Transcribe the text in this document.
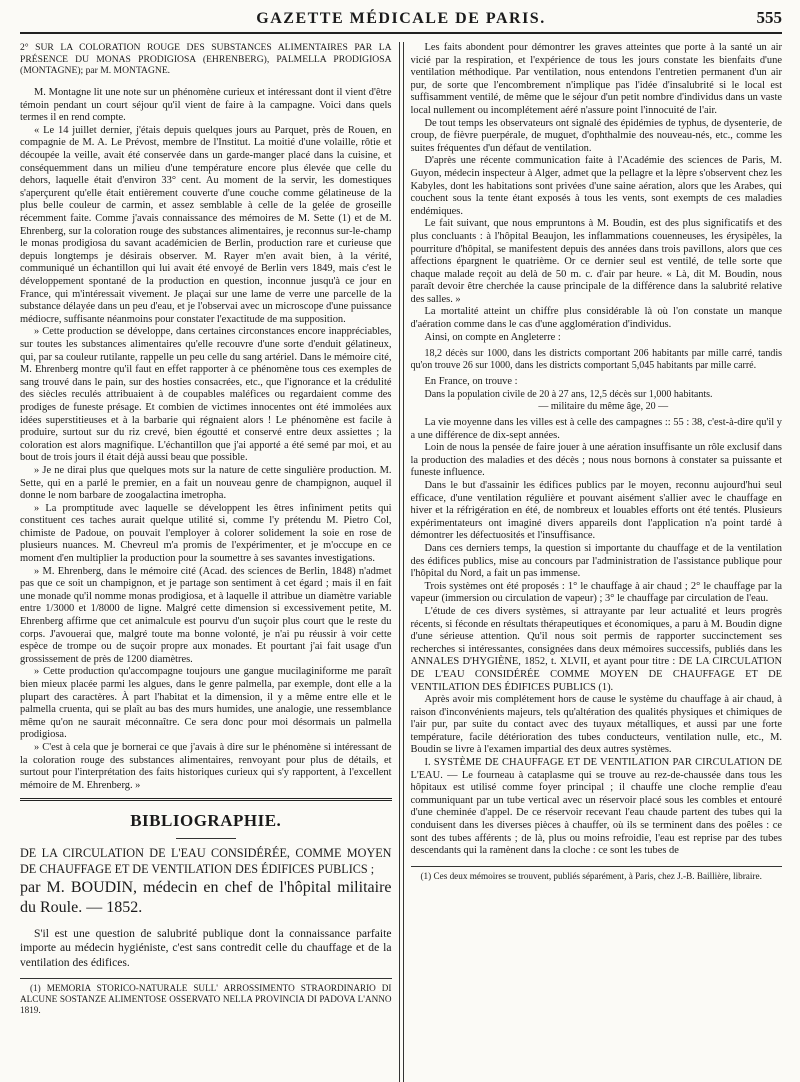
GAZETTE MÉDICALE DE PARIS.	555

2° SUR LA COLORATION ROUGE DES SUBSTANCES ALIMENTAIRES PAR LA PRÉSENCE DU MONAS PRODIGIOSA (EHRENBERG), PALMELLA PRODIGIOSA (MONTAGNE); par M. MONTAGNE.

M. Montagne lit une note sur un phénomène curieux et intéressant dont il vient d'être témoin pendant un court séjour qu'il vient de faire à la campagne. Voici dans quels termes il en rend compte.

« Le 14 juillet dernier, j'étais depuis quelques jours au Parquet, près de Rouen, en compagnie de M. A. Le Prévost, membre de l'Institut. La moitié d'une volaille, rôtie et découpée la veille, avait été conservée dans un garde-manger placé dans la cuisine, et conséquemment dans un milieu d'une température encore plus élevée que celle du dehors, laquelle était d'environ 33° cent. Au moment de la servir, les domestiques s'aperçurent qu'elle était entièrement couverte d'une couche comme gélatineuse de la plus belle couleur de carmin, et assez semblable à celle de la gelée de groseille récemment faite. Comme j'avais connaissance des mémoires de M. Sette (1) et de M. Ehrenberg, sur la coloration rouge des substances alimentaires, je reconnus sur-le-champ le monas prodigiosa du savant académicien de Berlin, production rare et curieuse que depuis longtemps je désirais observer. M. Rayer m'en avait bien, à la vérité, communiqué un échantillon qui lui avait été envoyé de Berlin vers 1849, mais c'est le développement spontané de la production en question, inconnue jusqu'à ce jour en France, qui m'intéressait vivement. Je plaçai sur une lame de verre une parcelle de la substance délayée dans un peu d'eau, et je l'observai avec un microscope d'une puissance médiocre, suffisante néanmoins pour constater l'exactitude de ma supposition.

» Cette production se développe, dans certaines circonstances encore inappréciables, sur toutes les substances alimentaires qu'elle recouvre d'une sorte d'enduit gélatineux, qui, par sa couleur rutilante, rappelle un peu celle du sang artériel. Dans le mémoire cité, M. Ehrenberg montre qu'il faut en effet rapporter à ce phénomène tous ces exemples de sang trouvé dans le pain, sur des hosties consacrées, etc., que l'ignorance et la crédulité des siècles reculés attribuaient à de coupables maléfices ou regardaient comme des prodiges de funeste présage. Et combien de victimes innocentes ont été immolées aux idées superstitieuses et à la barbarie qui régnaient alors ! Le phénomène est facile à produire, surtout sur du riz crevé, bien égoutté et conservé entre deux assiettes ; la coloration est alors magnifique. L'échantillon que j'ai apporté a été semé par moi, et au bout de trois jours il était déjà aussi beau que possible.

» Je ne dirai plus que quelques mots sur la nature de cette singulière production. M. Sette, qui en a parlé le premier, en a fait un nouveau genre de champignon, auquel il donne le nom barbare de zoogalactina imetropha.

» La promptitude avec laquelle se développent les êtres infiniment petits qui constituent ces taches aurait quelque utilité si, comme l'y prétendu M. Pietro Col, chimiste de Padoue, on pouvait l'employer à colorer solidement la soie en rose de plusieurs nuances. M. Chevreul m'a promis de l'expérimenter, et je m'occupe en ce moment d'en multiplier la production pour la soumettre à ses savantes investigations.

» M. Ehrenberg, dans le mémoire cité (Acad. des sciences de Berlin, 1848) n'admet pas que ce soit un champignon, et je partage son sentiment à cet égard ; mais il en fait une monade qu'il nomme monas prodigiosa, et à laquelle il attribue un diamètre variable entre 1/3000 et 1/8000 de ligne. Malgré cette dimension si excessivement petite, M. Ehrenberg affirme que cet animalcule est pourvu d'un suçoir plus court que le reste du corps. J'avouerai que, malgré toute ma bonne volonté, je n'ai pu réussir à voir cette espèce de trompe ou de suçoir propre aux monades. Et pourtant j'ai fait usage d'un grossissement de près de 1200 diamètres.

» Cette production qu'accompagne toujours une gangue mucilaginiforme me paraît bien mieux placée parmi les algues, dans le genre palmella, par exemple, dont elle a la plupart des caractères. À part l'habitat et la dimension, il y a même entre elle et le palmella cruenta, qui se plaît au bas des murs humides, une analogie, une ressemblance même qu'on ne saurait méconnaître. Ce sera donc pour moi désormais un palmella prodigiosa.

» C'est à cela que je bornerai ce que j'avais à dire sur le phénomène si intéressant de la coloration rouge des substances alimentaires, renvoyant pour plus de détails, et surtout pour l'interprétation des faits historiques curieux qui s'y rapportent, à l'excellent mémoire de M. Ehrenberg. »

BIBLIOGRAPHIE.

DE LA CIRCULATION DE L'EAU CONSIDÉRÉE, COMME MOYEN DE CHAUFFAGE ET DE VENTILATION DES ÉDIFICES PUBLICS ;

par M. BOUDIN, médecin en chef de l'hôpital militaire du Roule. — 1852.

S'il est une question de salubrité publique dont la connaissance parfaite importe au médecin hygiéniste, c'est sans contredit celle du chauffage et de la ventilation des édifices.

(1) MEMORIA STORICO-NATURALE SULL' ARROSSIMENTO STRAORDINARIO DI ALCUNE SOSTANZE ALIMENTOSE OSSERVATO NELLA PROVINCIA DI PADOVA L'ANNO 1819.

Les faits abondent pour démontrer les graves atteintes que porte à la santé un air vicié par la respiration, et l'expérience de tous les jours constate les bienfaits d'une ventilation méthodique. Par ventilation, nous entendons l'entretien permanent d'un air pur, de sorte que l'encombrement n'implique pas l'idée d'insalubrité si le local est suffisamment ventilé, de même que le séjour d'un petit nombre d'individus dans un vaste local nullement ou incomplétement aéré n'assure point l'innocuité de l'air.

De tout temps les observateurs ont signalé des épidémies de typhus, de dysenterie, de croup, de fièvre puerpérale, de muguet, d'ophthalmie des nouveau-nés, etc., comme les suites fréquentes d'un défaut de ventilation.

D'après une récente communication faite à l'Académie des sciences de Paris, M. Guyon, médecin inspecteur à Alger, admet que la pellagre et la lèpre s'observent chez les Kabyles, dont les habitations sont privées d'une saine aération, alors que les Arabes, qui couchent sous la tente étant exposés à tous les vents, sont exempts de ces maladies endémiques.

Le fait suivant, que nous empruntons à M. Boudin, est des plus significatifs et des plus concluants : à l'hôpital Beaujon, les inflammations couenneuses, les érysipèles, la pourriture d'hôpital, se manifestent depuis des années dans trois pavillons, alors que ces affections épargnent le quatrième. Or ce dernier seul est ventilé, de telle sorte que chaque malade reçoit au delà de 50 m. c. d'air par heure. « Là, dit M. Boudin, nous paraît devoir être cherchée la cause principale de la différence dans la salubrité relative des salles. »

La mortalité atteint un chiffre plus considérable là où l'on constate un manque d'aération comme dans le cas d'une agglomération d'individus.

Ainsi, on compte en Angleterre :

18,2 décès sur 1000, dans les districts comportant 206 habitants par mille carré, tandis qu'on trouve 26 sur 1000, dans les districts comportant 5,045 habitants par mille carré.

En France, on trouve :

Dans la population civile de 20 à 27 ans, 12,5 décès sur 1,000 habitants.

— militaire du même âge, 20 —

La vie moyenne dans les villes est à celle des campagnes :: 55 : 38, c'est-à-dire qu'il y a une différence de dix-sept années.

Loin de nous la pensée de faire jouer à une aération insuffisante un rôle exclusif dans la production des maladies et des décès ; nous nous bornons à constater sa puissante et funeste influence.

Dans le but d'assainir les édifices publics par le moyen, reconnu aujourd'hui seul efficace, d'une ventilation régulière et pouvant aisément s'allier avec le chauffage en hiver et la réfrigération en été, de nombreux et louables efforts ont été tentés. Plusieurs expérimentateurs ont imaginé divers appareils dont l'application n'a point tardé à démontrer les défectuosités et l'insuffisance.

Dans ces derniers temps, la question si importante du chauffage et de la ventilation des édifices publics, mise au concours par l'administration de l'assistance publique pour l'hôpital du Nord, a fait un pas immense.

Trois systèmes ont été proposés : 1° le chauffage à air chaud ; 2° le chauffage par la vapeur (immersion ou circulation de vapeur) ; 3° le chauffage par circulation de l'eau.

L'étude de ces divers systèmes, si attrayante par leur actualité et leurs progrès récents, si féconde en résultats thérapeutiques et économiques, a paru à M. Boudin digne d'une sérieuse attention. Qu'il nous soit permis de rapporter succinctement ses recherches si intéressantes, consignées dans deux mémoires successifs, publiés dans les ANNALES D'HYGIÈNE, 1852, t. XLVII, et ayant pour titre : DE LA CIRCULATION DE L'EAU CONSIDÉRÉE COMME MOYEN DE CHAUFFAGE ET DE VENTILATION DES ÉDIFICES PUBLICS (1).

Après avoir mis complétement hors de cause le système du chauffage à air chaud, à raison d'inconvénients majeurs, tels qu'altération des qualités physiques et chimiques de l'air pur, par suite du contact avec des tuyaux métalliques, et aussi par une forte température, facile détérioration des tubes conducteurs, ventilation nulle, etc., M. Boudin se livre à l'examen impartial des deux autres systèmes.

I. SYSTÈME DE CHAUFFAGE ET DE VENTILATION PAR CIRCULATION DE L'EAU. — Le fourneau à cataplasme qui se trouve au rez-de-chaussée dans tous les hôpitaux est utilisé comme foyer principal ; il chauffe une cloche remplie d'eau communiquant par un tube vertical avec un réservoir placé sous les combles et entouré d'une cheminée d'appel. De ce réservoir recevant l'eau chaude partent des tubes qui la conduisent dans les diverses pièces à chauffer, où ils se terminent dans des poêles : ce sont des tubes afférents ; de là, plus ou moins refroidie, l'eau est reprise par des tubes descendants qui la ramènent dans la cloche : ce sont les tubes de

(1) Ces deux mémoires se trouvent, publiés séparément, à Paris, chez J.-B. Baillière, libraire.
